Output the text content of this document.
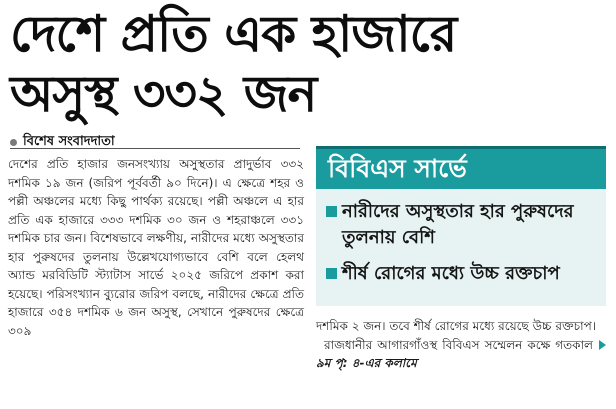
দেশে প্রতি এক হাজারে
অসুস্থ ৩৩২ জন
বিশেষ সংবাদদাতা
দেশের প্রতি হাজার জনসংখ্যায় অসুস্থতার প্রাদুর্ভাব ৩৩২ দশমিক ১৯ জন (জরিপ পূর্ববর্তী ৯০ দিনে)। এ ক্ষেত্রে শহর ও পল্লী অঞ্চলের মধ্যে কিছু পার্থক্য রয়েছে। পল্লী অঞ্চলে এ হার প্রতি এক হাজারে ৩৩৩ দশমিক ৩০ জন ও শহরাঞ্চলে ৩৩১ দশমিক চার জন। বিশেষভাবে লক্ষণীয়, নারীদের মধ্যে অসুস্থতার হার পুরুষদের তুলনায় উল্লেখযোগ্যভাবে বেশি বলে হেলথ অ্যান্ড মরবিডিটি স্ট্যাটাস সার্ভে ২০২৫ জরিপে প্রকাশ করা হয়েছে। পরিসংখ্যান ব্যুরোর জরিপ বলছে, নারীদের ক্ষেত্রে প্রতি হাজারে ৩৫৪ দশমিক ৬ জন অসুস্থ, সেখানে পুরুষদের ক্ষেত্রে ৩০৯
বিবিএস সার্ভে
নারীদের অসুস্থতার হার পুরুষদের তুলনায় বেশি
শীর্ষ রোগের মধ্যে উচ্চ রক্তচাপ

দশমিক ২ জন। তবে শীর্ষ রোগের মধ্যে রয়েছে উচ্চ রক্তচাপ।

রাজধানীর আগারগাঁওস্থ বিবিএস সম্মেলন কক্ষে গতকাল৯ম পৃ: ৪-এর কলামে
